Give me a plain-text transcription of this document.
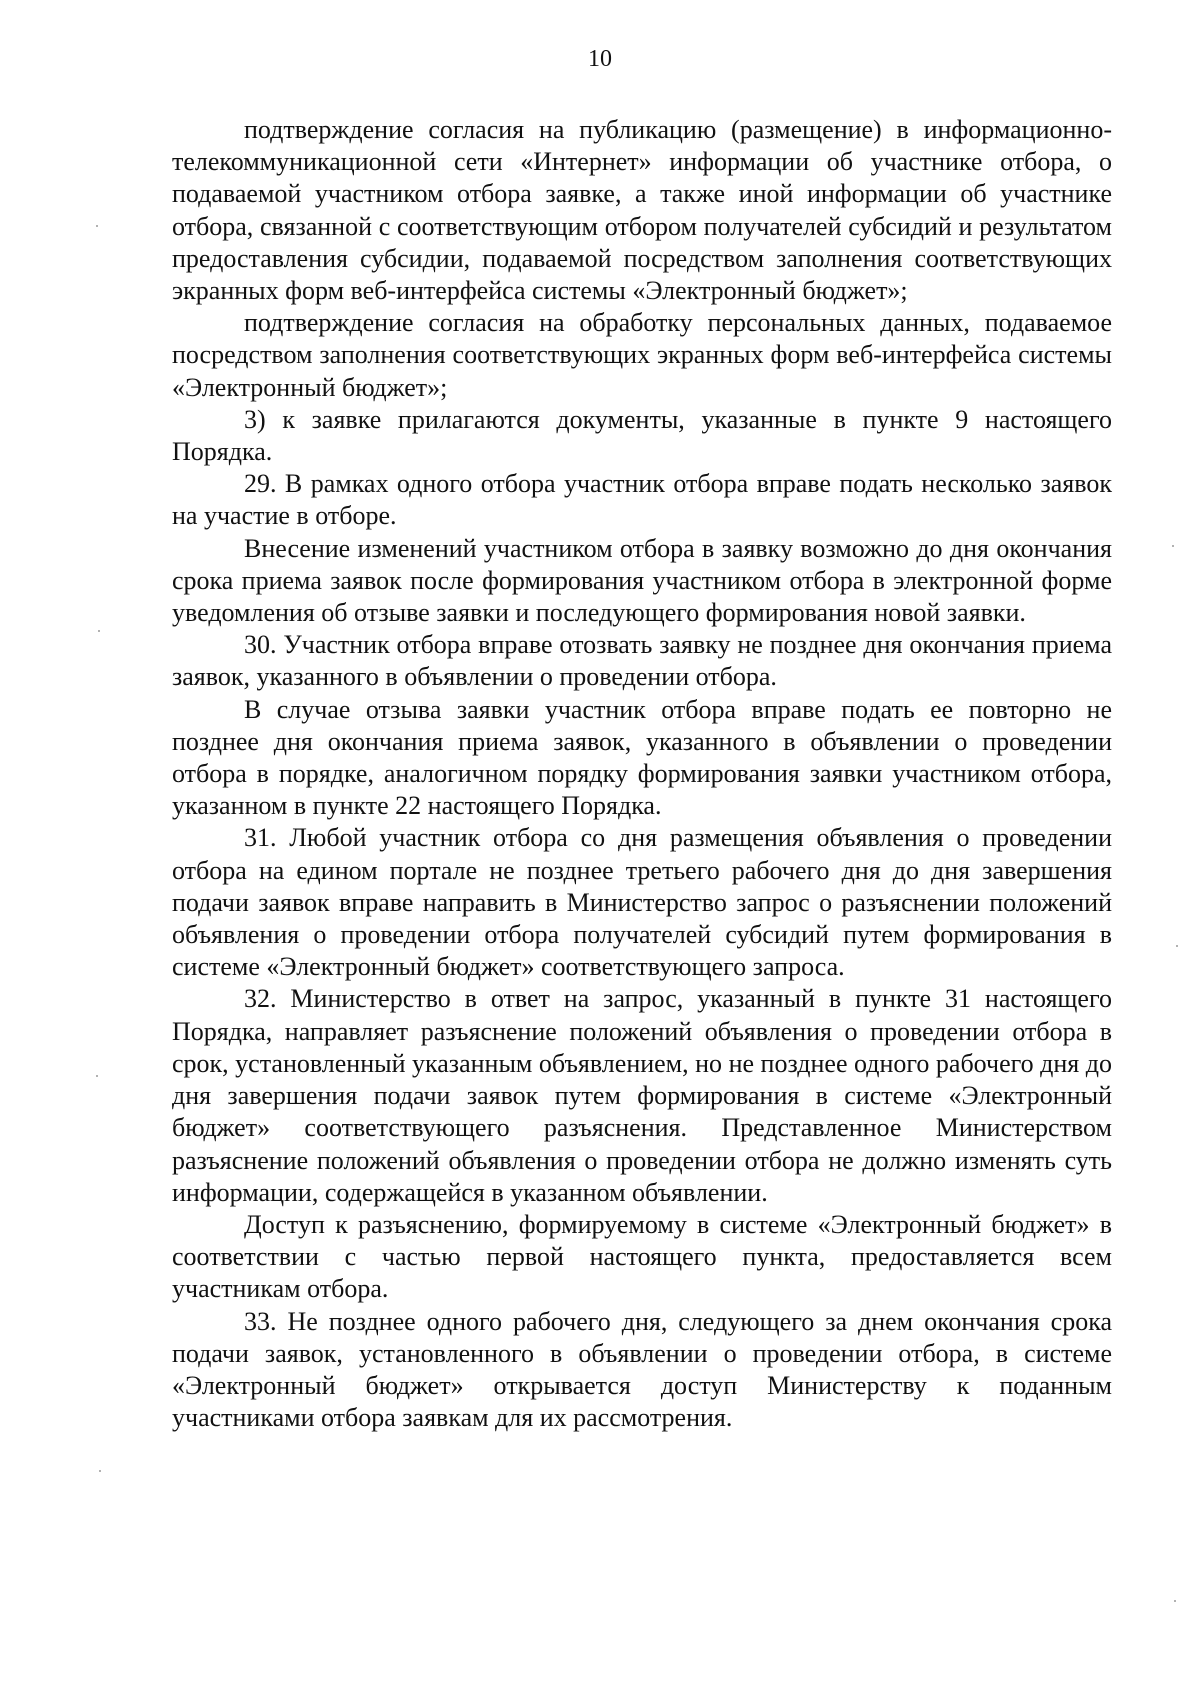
10

подтверждение согласия на публикацию (размещение) в информационно-телекоммуникационной сети «Интернет» информации об участнике отбора, о подаваемой участником отбора заявке, а также иной информации об участнике отбора, связанной с соответствующим отбором получателей субсидий и результатом предоставления субсидии, подаваемой посредством заполнения соответствующих экранных форм веб-интерфейса системы «Электронный бюджет»;

подтверждение согласия на обработку персональных данных, подаваемое посредством заполнения соответствующих экранных форм веб-интерфейса системы «Электронный бюджет»;

3) к заявке прилагаются документы, указанные в пункте 9 настоящего Порядка.

29. В рамках одного отбора участник отбора вправе подать несколько заявок на участие в отборе.

Внесение изменений участником отбора в заявку возможно до дня окончания срока приема заявок после формирования участником отбора в электронной форме уведомления об отзыве заявки и последующего формирования новой заявки.

30. Участник отбора вправе отозвать заявку не позднее дня окончания приема заявок, указанного в объявлении о проведении отбора.

В случае отзыва заявки участник отбора вправе подать ее повторно не позднее дня окончания приема заявок, указанного в объявлении о проведении отбора в порядке, аналогичном порядку формирования заявки участником отбора, указанном в пункте 22 настоящего Порядка.

31. Любой участник отбора со дня размещения объявления о проведении отбора на едином портале не позднее третьего рабочего дня до дня завершения подачи заявок вправе направить в Министерство запрос о разъяснении положений объявления о проведении отбора получателей субсидий путем формирования в системе «Электронный бюджет» соответствующего запроса.

32. Министерство в ответ на запрос, указанный в пункте 31 настоящего Порядка, направляет разъяснение положений объявления о проведении отбора в срок, установленный указанным объявлением, но не позднее одного рабочего дня до дня завершения подачи заявок путем формирования в системе «Электронный бюджет» соответствующего разъяснения. Представленное Министерством разъяснение положений объявления о проведении отбора не должно изменять суть информации, содержащейся в указанном объявлении.

Доступ к разъяснению, формируемому в системе «Электронный бюджет» в соответствии с частью первой настоящего пункта, предоставляется всем участникам отбора.

33. Не позднее одного рабочего дня, следующего за днем окончания срока подачи заявок, установленного в объявлении о проведении отбора, в системе «Электронный бюджет» открывается доступ Министерству к поданным участниками отбора заявкам для их рассмотрения.
